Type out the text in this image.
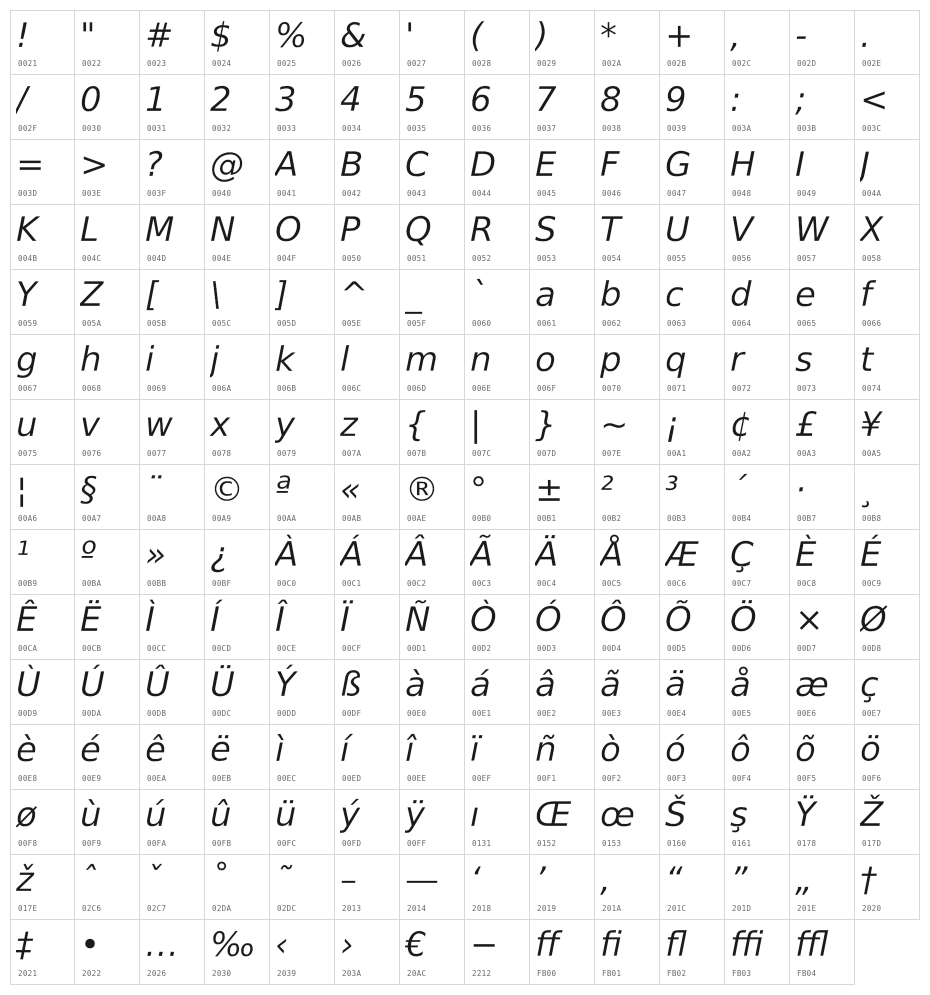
!
0021
"
0022
#
0023
$
0024
%
0025
&
0026
'
0027
(
0028
)
0029
*
002A
+
002B
,
002C
-
002D
.
002E
/
002F
0
0030
1
0031
2
0032
3
0033
4
0034
5
0035
6
0036
7
0037
8
0038
9
0039
:
003A
;
003B
<
003C
=
003D
>
003E
?
003F
@
0040
A
0041
B
0042
C
0043
D
0044
E
0045
F
0046
G
0047
H
0048
I
0049
J
004A
K
004B
L
004C
M
004D
N
004E
O
004F
P
0050
Q
0051
R
0052
S
0053
T
0054
U
0055
V
0056
W
0057
X
0058
Y
0059
Z
005A
[
005B
\
005C
]
005D
^
005E
_
005F
`
0060
a
0061
b
0062
c
0063
d
0064
e
0065
f
0066
g
0067
h
0068
i
0069
j
006A
k
006B
l
006C
m
006D
n
006E
o
006F
p
0070
q
0071
r
0072
s
0073
t
0074
u
0075
v
0076
w
0077
x
0078
y
0079
z
007A
{
007B
|
007C
}
007D
~
007E
¡
00A1
¢
00A2
£
00A3
¥
00A5
¦
00A6
§
00A7
¨
00A8
©
00A9
ª
00AA
«
00AB
®
00AE
°
00B0
±
00B1
²
00B2
³
00B3
´
00B4
·
00B7
¸
00B8
¹
00B9
º
00BA
»
00BB
¿
00BF
À
00C0
Á
00C1
Â
00C2
Ã
00C3
Ä
00C4
Å
00C5
Æ
00C6
Ç
00C7
È
00C8
É
00C9
Ê
00CA
Ë
00CB
Ì
00CC
Í
00CD
Î
00CE
Ï
00CF
Ñ
00D1
Ò
00D2
Ó
00D3
Ô
00D4
Õ
00D5
Ö
00D6
×
00D7
Ø
00D8
Ù
00D9
Ú
00DA
Û
00DB
Ü
00DC
Ý
00DD
ß
00DF
à
00E0
á
00E1
â
00E2
ã
00E3
ä
00E4
å
00E5
æ
00E6
ç
00E7
è
00E8
é
00E9
ê
00EA
ë
00EB
ì
00EC
í
00ED
î
00EE
ï
00EF
ñ
00F1
ò
00F2
ó
00F3
ô
00F4
õ
00F5
ö
00F6
ø
00F8
ù
00F9
ú
00FA
û
00FB
ü
00FC
ý
00FD
ÿ
00FF
ı
0131
Œ
0152
œ
0153
Š
0160
ş
0161
Ÿ
0178
Ž
017D
ž
017E
ˆ
02C6
ˇ
02C7
˚
02DA
˜
02DC
–
2013
—
2014
‘
2018
’
2019
‚
201A
“
201C
”
201D
„
201E
†
2020
‡
2021
•
2022
…
2026
‰
2030
‹
2039
›
203A
€
20AC
−
2212
ﬀ
FB00
ﬁ
FB01
ﬂ
FB02
ﬃ
FB03
ﬄ
FB04
